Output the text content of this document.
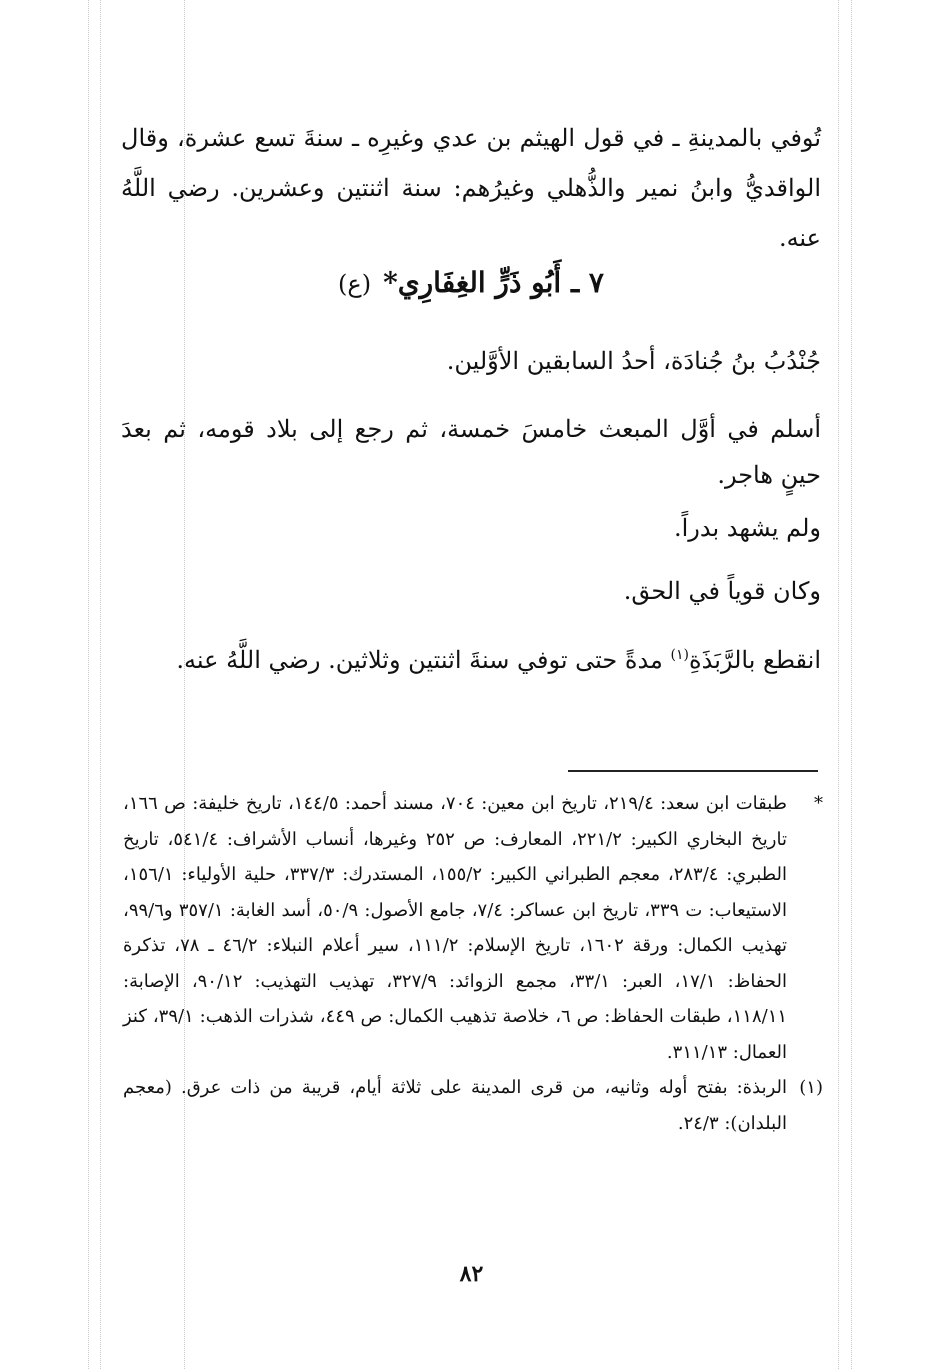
تُوفي بالمدينةِ ـ في قول الهيثم بن عدي وغيرِه ـ سنةَ تسع عشرة، وقال الواقديُّ وابنُ نمير والذُّهلي وغيرُهم: سنة اثنتين وعشرين. رضي اللَّهُ عنه.

٧ ـ أَبُو ذَرٍّ الغِفَارِي*(ع)

جُنْدُبُ بنُ جُنادَة، أحدُ السابقين الأوَّلين.

أسلم في أوَّل المبعث خامسَ خمسة، ثم رجع إلى بلاد قومه، ثم بعدَ حينٍ هاجر.

ولم يشهد بدراً.

وكان قوياً في الحق.

انقطع بالرَّبَذَةِ$^{(١)}$ مدةً حتى توفي سنةَ اثنتين وثلاثين. رضي اللَّهُ عنه.

*
طبقات ابن سعد: ٢١٩/٤، تاريخ ابن معين: ٧٠٤، مسند أحمد: ١٤٤/٥، تاريخ خليفة: ص ١٦٦، تاريخ البخاري الكبير: ٢٢١/٢، المعارف: ص ٢٥٢ وغيرها، أنساب الأشراف: ٥٤١/٤، تاريخ الطبري: ٢٨٣/٤، معجم الطبراني الكبير: ١٥٥/٢، المستدرك: ٣٣٧/٣، حلية الأولياء: ١٥٦/١، الاستيعاب: ت ٣٣٩، تاريخ ابن عساكر: ٧/٤، جامع الأصول: ٥٠/٩، أسد الغابة: ٣٥٧/١ و٩٩/٦، تهذيب الكمال: ورقة ١٦٠٢، تاريخ الإسلام: ١١١/٢، سير أعلام النبلاء: ٤٦/٢ ـ ٧٨، تذكرة الحفاظ: ١٧/١، العبر: ٣٣/١، مجمع الزوائد: ٣٢٧/٩، تهذيب التهذيب: ٩٠/١٢، الإصابة: ١١٨/١١، طبقات الحفاظ: ص ٦، خلاصة تذهيب الكمال: ص ٤٤٩، شذرات الذهب: ٣٩/١، كنز العمال: ٣١١/١٣.
(١)
الربذة: بفتح أوله وثانيه، من قرى المدينة على ثلاثة أيام، قريبة من ذات عرق. (معجم البلدان): ٢٤/٣.
٨٢
